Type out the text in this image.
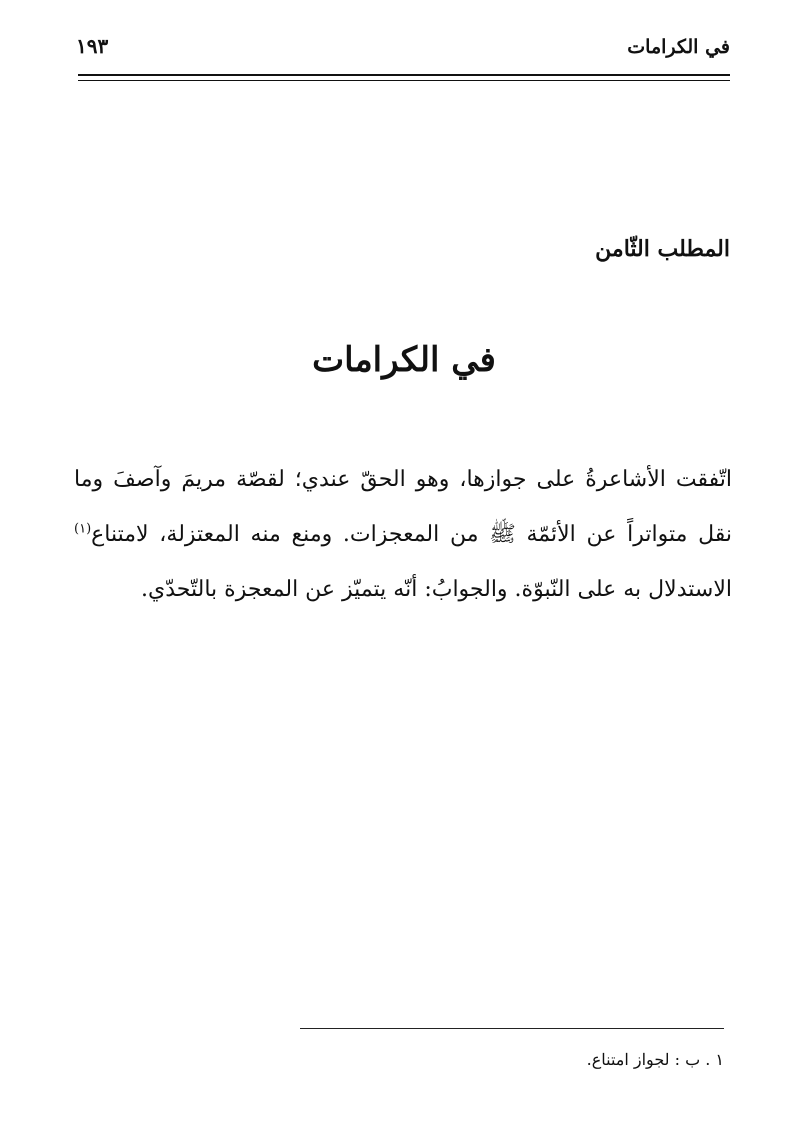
في الكرامات
١٩٣
المطلب الثّامن
في الكرامات

اتّفقت الأشاعرةُ على جوازها، وهو الحقّ عندي؛ لقصّة مريمَ وآصفَ وما نقل متواتراً عن الأئمّة ﷺ من المعجزات. ومنع منه المعتزلة، لامتناع$^{(١)}$ الاستدلال به على النّبوّة. والجوابُ: أنّه يتميّز عن المعجزة بالتّحدّي.

١ . ب : لجواز امتناع.
